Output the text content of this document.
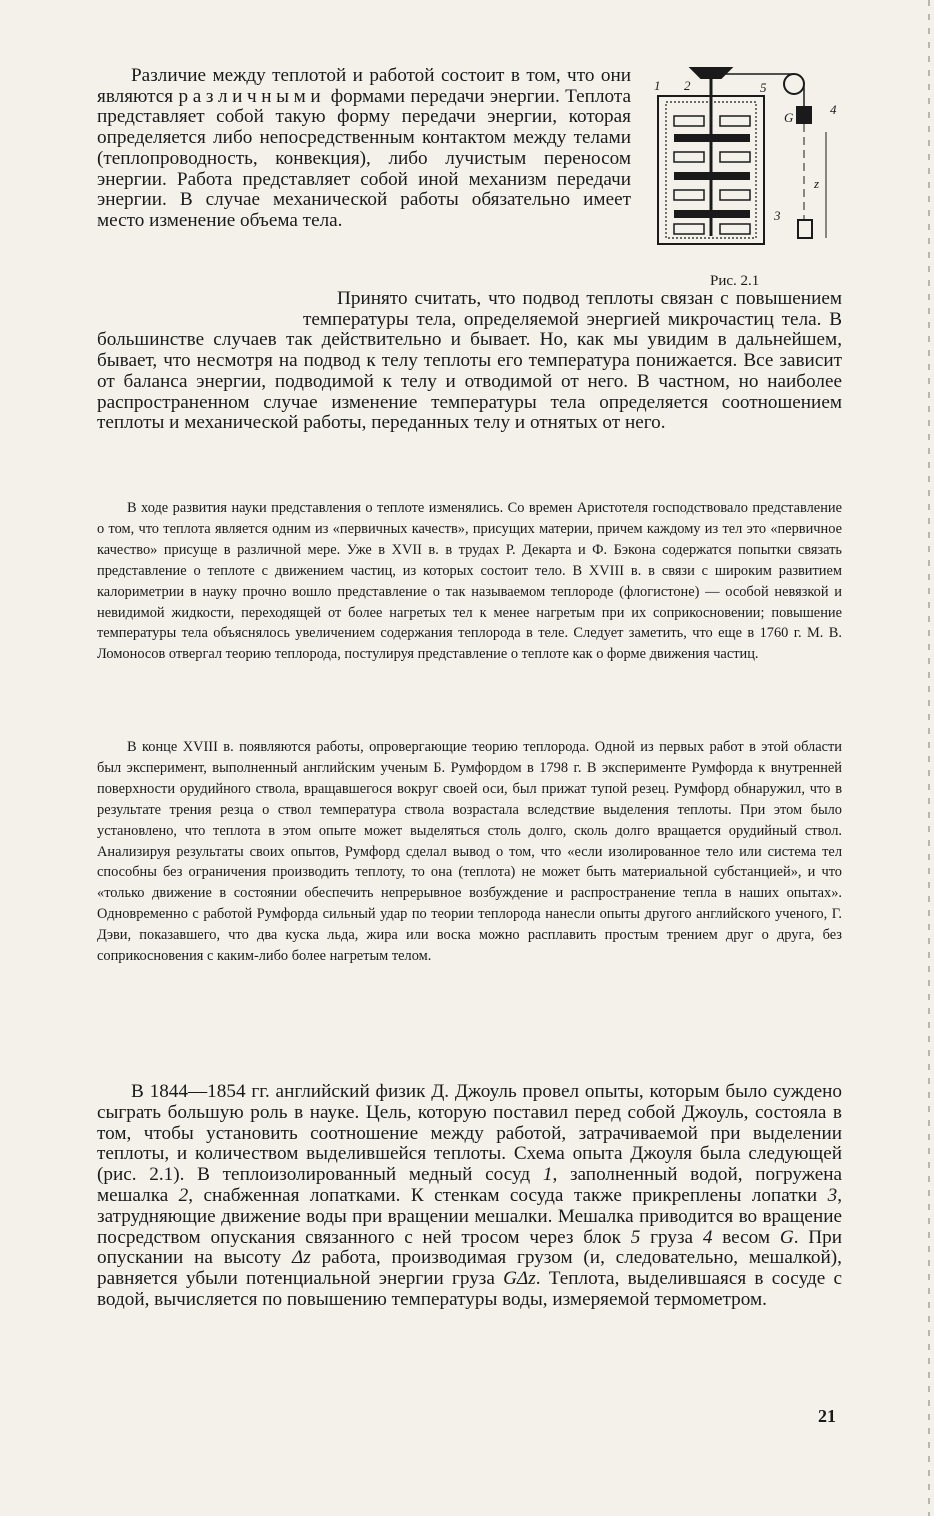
Различие между теплотой и работой состоит в том, что они являются различными формами передачи энергии. Теплота представляет собой такую форму передачи энергии, которая определяется либо непосредственным контактом между телами (теплопроводность, конвекция), либо лучистым переносом энергии. Работа представляет собой иной механизм передачи энергии. В случае механической работы обязательно имеет место изменение объема тела.

1 2	5
G
4
3
z
Рис. 2.1

Принято считать, что подвод теплоты связан с повышением температуры тела, определяемой энергией микрочастиц тела. В большинстве случаев так действительно и бывает. Но, как мы увидим в дальнейшем, бывает, что несмотря на подвод к телу теплоты его температура понижается. Все зависит от баланса энергии, подводимой к телу и отводимой от него. В частном, но наиболее распространенном случае изменение температуры тела определяется соотношением теплоты и механической работы, переданных телу и отнятых от него.

В ходе развития науки представления о теплоте изменялись. Со времен Аристотеля господствовало представление о том, что теплота является одним из «первичных качеств», присущих материи, причем каждому из тел это «первичное качество» присуще в различной мере. Уже в XVII в. в трудах Р. Декарта и Ф. Бэкона содержатся попытки связать представление о теплоте с движением частиц, из которых состоит тело. В XVIII в. в связи с широким развитием калориметрии в науку прочно вошло представление о так называемом теплороде (флогистоне) — особой невязкой и невидимой жидкости, переходящей от более нагретых тел к менее нагретым при их соприкосновении; повышение температуры тела объяснялось увеличением содержания теплорода в теле. Следует заметить, что еще в 1760 г. М. В. Ломоносов отвергал теорию теплорода, постулируя представление о теплоте как о форме движения частиц.

В конце XVIII в. появляются работы, опровергающие теорию теплорода. Одной из первых работ в этой области был эксперимент, выполненный английским ученым Б. Румфордом в 1798 г. В эксперименте Румфорда к внутренней поверхности орудийного ствола, вращавшегося вокруг своей оси, был прижат тупой резец. Румфорд обнаружил, что в результате трения резца о ствол температура ствола возрастала вследствие выделения теплоты. При этом было установлено, что теплота в этом опыте может выделяться столь долго, сколь долго вращается орудийный ствол. Анализируя результаты своих опытов, Румфорд сделал вывод о том, что «если изолированное тело или система тел способны без ограничения производить теплоту, то она (теплота) не может быть материальной субстанцией», и что «только движение в состоянии обеспечить непрерывное возбуждение и распространение тепла в наших опытах». Одновременно с работой Румфорда сильный удар по теории теплорода нанесли опыты другого английского ученого, Г. Дэви, показавшего, что два куска льда, жира или воска можно расплавить простым трением друг о друга, без соприкосновения с каким-либо более нагретым телом.

В 1844—1854 гг. английский физик Д. Джоуль провел опыты, которым было суждено сыграть большую роль в науке. Цель, которую поставил перед собой Джоуль, состояла в том, чтобы установить соотношение между работой, затрачиваемой при выделении теплоты, и количеством выделившейся теплоты. Схема опыта Джоуля была следующей (рис. 2.1). В теплоизолированный медный сосуд 1, заполненный водой, погружена мешалка 2, снабженная лопатками. К стенкам сосуда также прикреплены лопатки 3, затрудняющие движение воды при вращении мешалки. Мешалка приводится во вращение посредством опускания связанного с ней тросом через блок 5 груза 4 весом G. При опускании на высоту Δz работа, производимая грузом (и, следовательно, мешалкой), равняется убыли потенциальной энергии груза GΔz. Теплота, выделившаяся в сосуде с водой, вычисляется по повышению температуры воды, измеряемой термометром.

21
